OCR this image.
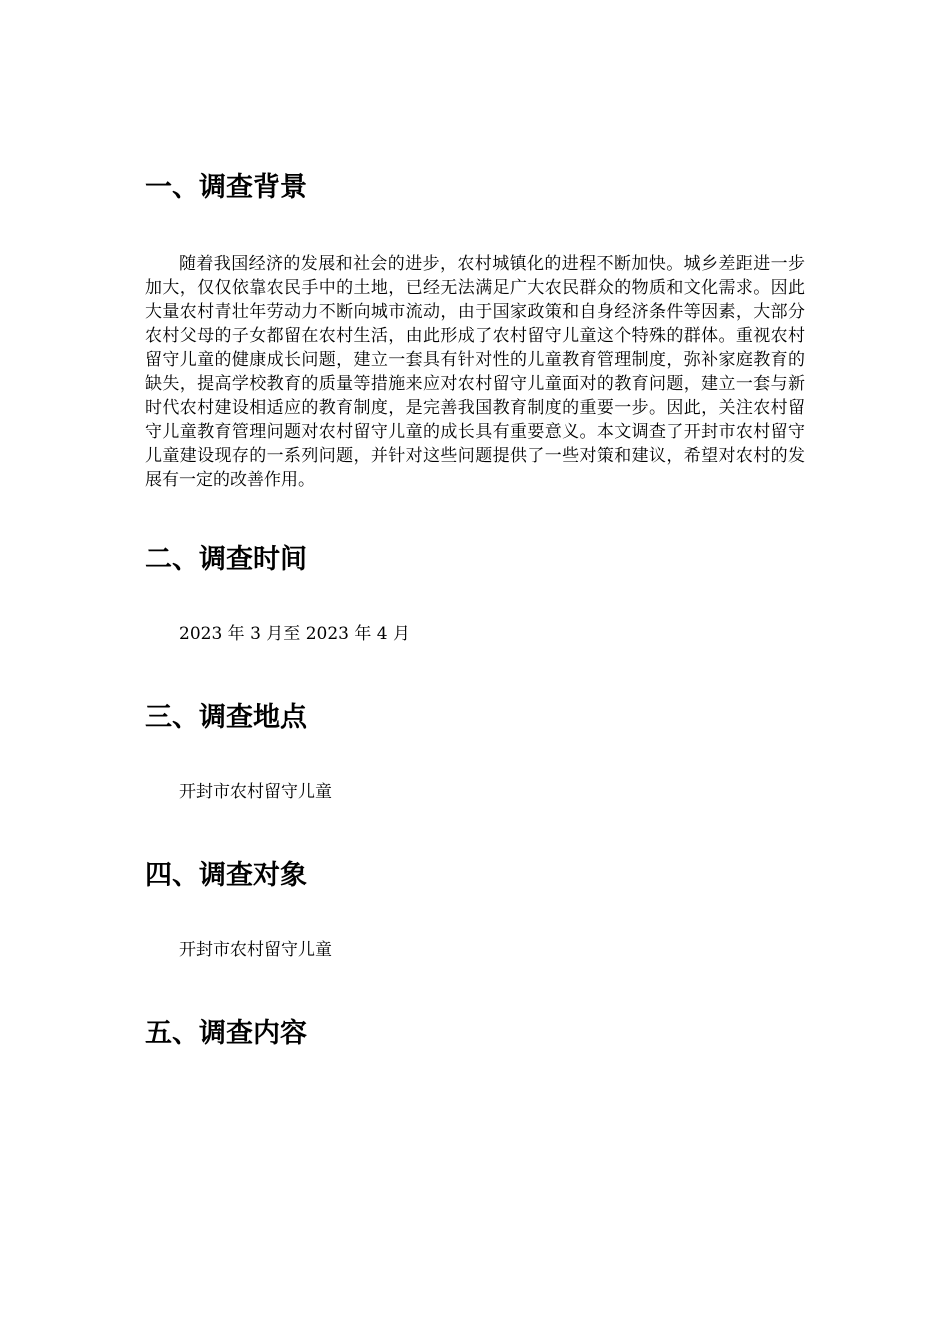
一、调查背景

随着我国经济的发展和社会的进步，农村城镇化的进程不断加快。城乡差距进一步加大，仅仅依靠农民手中的土地，已经无法满足广大农民群众的物质和文化需求。因此大量农村青壮年劳动力不断向城市流动，由于国家政策和自身经济条件等因素，大部分农村父母的子女都留在农村生活，由此形成了农村留守儿童这个特殊的群体。重视农村留守儿童的健康成长问题，建立一套具有针对性的儿童教育管理制度，弥补家庭教育的缺失，提高学校教育的质量等措施来应对农村留守儿童面对的教育问题，建立一套与新时代农村建设相适应的教育制度，是完善我国教育制度的重要一步。因此，关注农村留守儿童教育管理问题对农村留守儿童的成长具有重要意义。本文调查了开封市农村留守儿童建设现存的一系列问题，并针对这些问题提供了一些对策和建议，希望对农村的发展有一定的改善作用。

二、调查时间

2023 年 3 月至 2023 年 4 月

三、调查地点

开封市农村留守儿童

四、调查对象

开封市农村留守儿童

五、调查内容
